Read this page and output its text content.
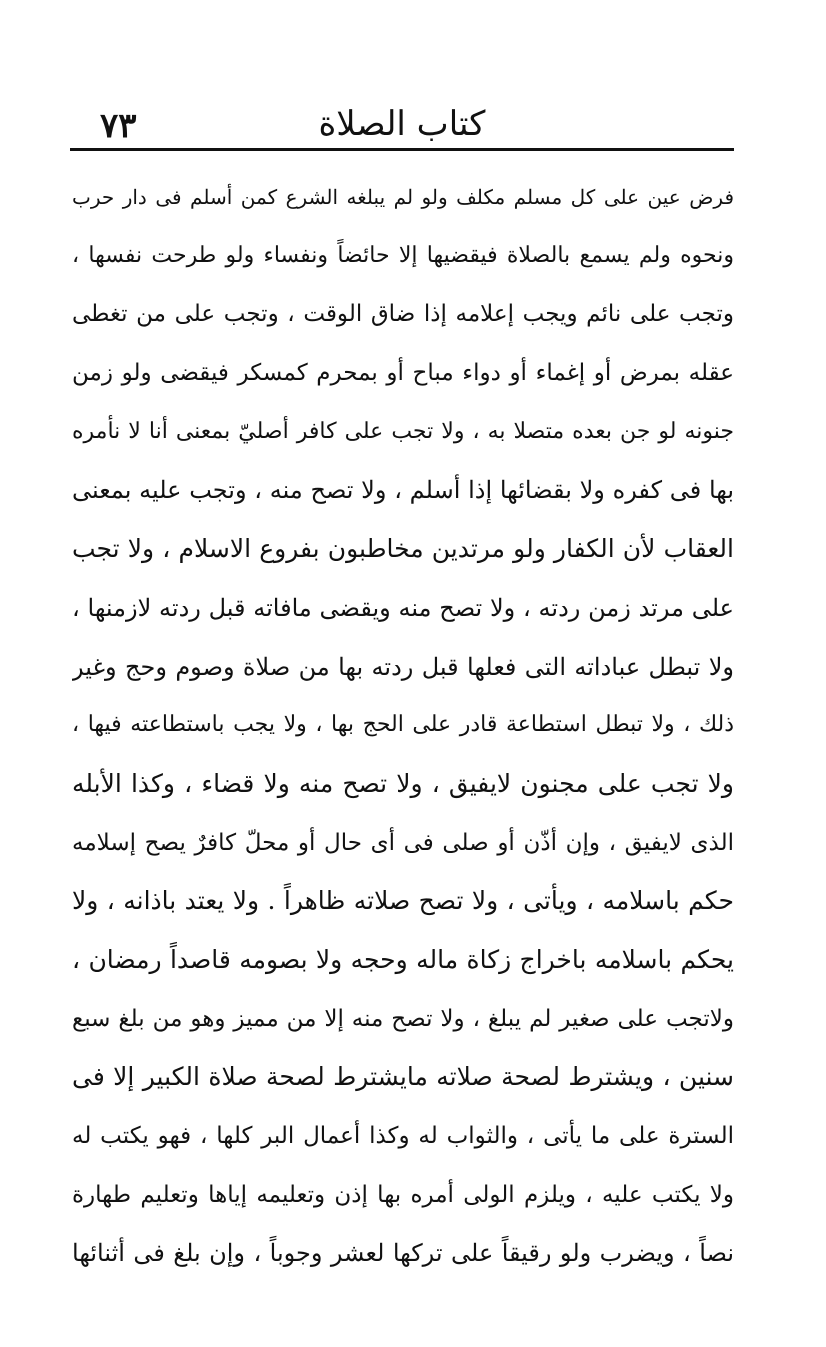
٧٣	كتاب الصلاة
فرض عين على كل مسلم مكلف ولو لم يبلغه الشرع كمن أسلم فى دار حرب
ونحوه ولم يسمع بالصلاة فيقضيها إلا حائضاً ونفساء ولو طرحت نفسها ،
وتجب على نائم ويجب إعلامه إذا ضاق الوقت ، وتجب على من تغطى
عقله بمرض أو إغماء أو دواء مباح أو بمحرم كمسكر فيقضى ولو زمن
جنونه لو جن بعده متصلا به ، ولا تجب على كافر أصليّ بمعنى أنا لا نأمره
بها فى كفره ولا بقضائها إذا أسلم ، ولا تصح منه ، وتجب عليه بمعنى
العقاب لأن الكفار ولو مرتدين مخاطبون بفروع الاسلام ، ولا تجب
على مرتد زمن ردته ، ولا تصح منه ويقضى مافاته قبل ردته لازمنها ،
ولا تبطل عباداته التى فعلها قبل ردته بها من صلاة وصوم وحج وغير
ذلك ، ولا تبطل استطاعة قادر على الحج بها ، ولا يجب باستطاعته فيها ،
ولا تجب على مجنون لايفيق ، ولا تصح منه ولا قضاء ، وكذا الأبله
الذى لايفيق ، وإن أذّن أو صلى فى أى حال أو محلّ كافرٌ يصح إسلامه
حكم باسلامه ، ويأتى ، ولا تصح صلاته ظاهراً . ولا يعتد باذانه ، ولا
يحكم باسلامه باخراج زكاة ماله وحجه ولا بصومه قاصداً رمضان ،
ولاتجب على صغير لم يبلغ ، ولا تصح منه إلا من مميز وهو من بلغ سبع
سنين ، ويشترط لصحة صلاته مايشترط لصحة صلاة الكبير إلا فى
السترة على ما يأتى ، والثواب له وكذا أعمال البر كلها ، فهو يكتب له
ولا يكتب عليه ، ويلزم الولى أمره بها إذن وتعليمه إياها وتعليم طهارة
نصاً ، ويضرب ولو رقيقاً على تركها لعشر وجوباً ، وإن بلغ فى أثنائها
